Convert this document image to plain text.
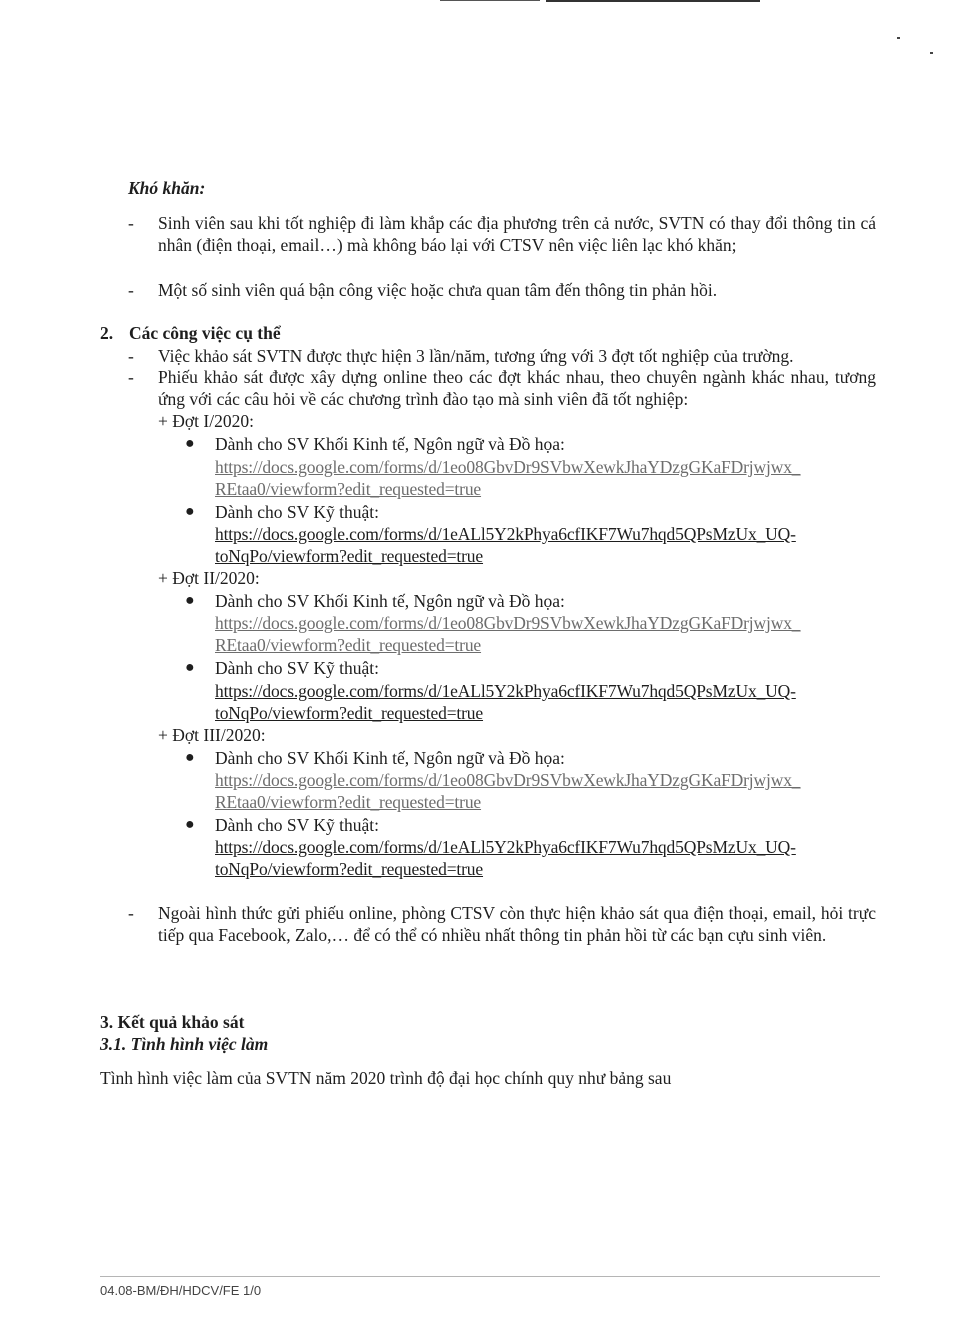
Khó khăn:
- Sinh viên sau khi tốt nghiệp đi làm khắp các địa phương trên cả nước, SVTN có thay đổi thông tin cá nhân (điện thoại, email…) mà không báo lại với CTSV nên việc liên lạc khó khăn;
- Một số sinh viên quá bận công việc hoặc chưa quan tâm đến thông tin phản hồi.
2. Các công việc cụ thể
- Việc khảo sát SVTN được thực hiện 3 lần/năm, tương ứng với 3 đợt tốt nghiệp của trường.
- Phiếu khảo sát được xây dựng online theo các đợt khác nhau, theo chuyên ngành khác nhau, tương ứng với các câu hỏi về các chương trình đào tạo mà sinh viên đã tốt nghiệp:
+ Đợt I/2020:
● Dành cho SV Khối Kinh tế, Ngôn ngữ và Đồ họa:
https://docs.google.com/forms/d/1eo08GbvDr9SVbwXewkJhaYDzgGKaFDrjwjwx_
REtaa0/viewform?edit_requested=true
● Dành cho SV Kỹ thuật:
https://docs.google.com/forms/d/1eALl5Y2kPhya6cfIKF7Wu7hqd5QPsMzUx_UQ-
toNqPo/viewform?edit_requested=true
+ Đợt II/2020:
● Dành cho SV Khối Kinh tế, Ngôn ngữ và Đồ họa:
https://docs.google.com/forms/d/1eo08GbvDr9SVbwXewkJhaYDzgGKaFDrjwjwx_
REtaa0/viewform?edit_requested=true
● Dành cho SV Kỹ thuật:
https://docs.google.com/forms/d/1eALl5Y2kPhya6cfIKF7Wu7hqd5QPsMzUx_UQ-
toNqPo/viewform?edit_requested=true
+ Đợt III/2020:
● Dành cho SV Khối Kinh tế, Ngôn ngữ và Đồ họa:
https://docs.google.com/forms/d/1eo08GbvDr9SVbwXewkJhaYDzgGKaFDrjwjwx_
REtaa0/viewform?edit_requested=true
● Dành cho SV Kỹ thuật:
https://docs.google.com/forms/d/1eALl5Y2kPhya6cfIKF7Wu7hqd5QPsMzUx_UQ-
toNqPo/viewform?edit_requested=true
- Ngoài hình thức gửi phiếu online, phòng CTSV còn thực hiện khảo sát qua điện thoại, email, hỏi trực tiếp qua Facebook, Zalo,… để có thể có nhiều nhất thông tin phản hồi từ các bạn cựu sinh viên.
3. Kết quả khảo sát
3.1. Tình hình việc làm
Tình hình việc làm của SVTN năm 2020 trình độ đại học chính quy như bảng sau
04.08-BM/ĐH/HDCV/FE 1/0
